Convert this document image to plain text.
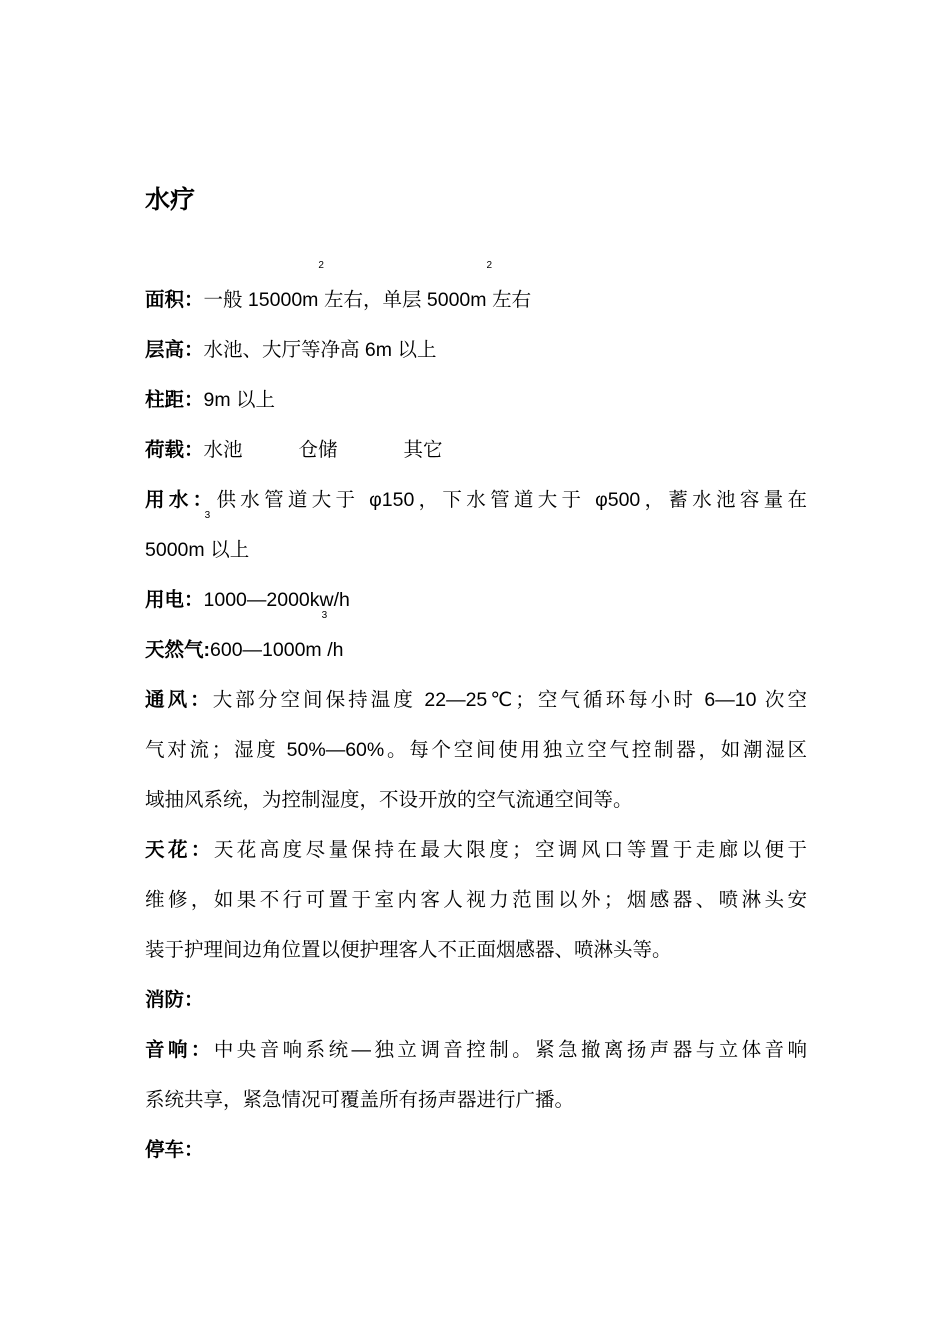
水疗
面积：一般 $15000m^2$左右，单层 $5000m^2$左右
层高：水池、大厅等净高 6m 以上
柱距：9m 以上
荷载：水池	仓储	其它
用水：供水管道大于 φ150，下水管道大于 φ500，蓄水池容量在
$5000m^3$以上
用电：1000—2000kw/h
天然气$:600—1000m^3/h$
通风：大部分空间保持温度 22—25℃；空气循环每小时 6—10 次空
气对流；湿度 50%—60%。每个空间使用独立空气控制器，如潮湿区
域抽风系统，为控制湿度，不设开放的空气流通空间等。
天花：天花高度尽量保持在最大限度；空调风口等置于走廊以便于
维修，如果不行可置于室内客人视力范围以外；烟感器、喷淋头安
装于护理间边角位置以便护理客人不正面烟感器、喷淋头等。
消防：
音响：中央音响系统—独立调音控制。紧急撤离扬声器与立体音响
系统共享，紧急情况可覆盖所有扬声器进行广播。
停车：
